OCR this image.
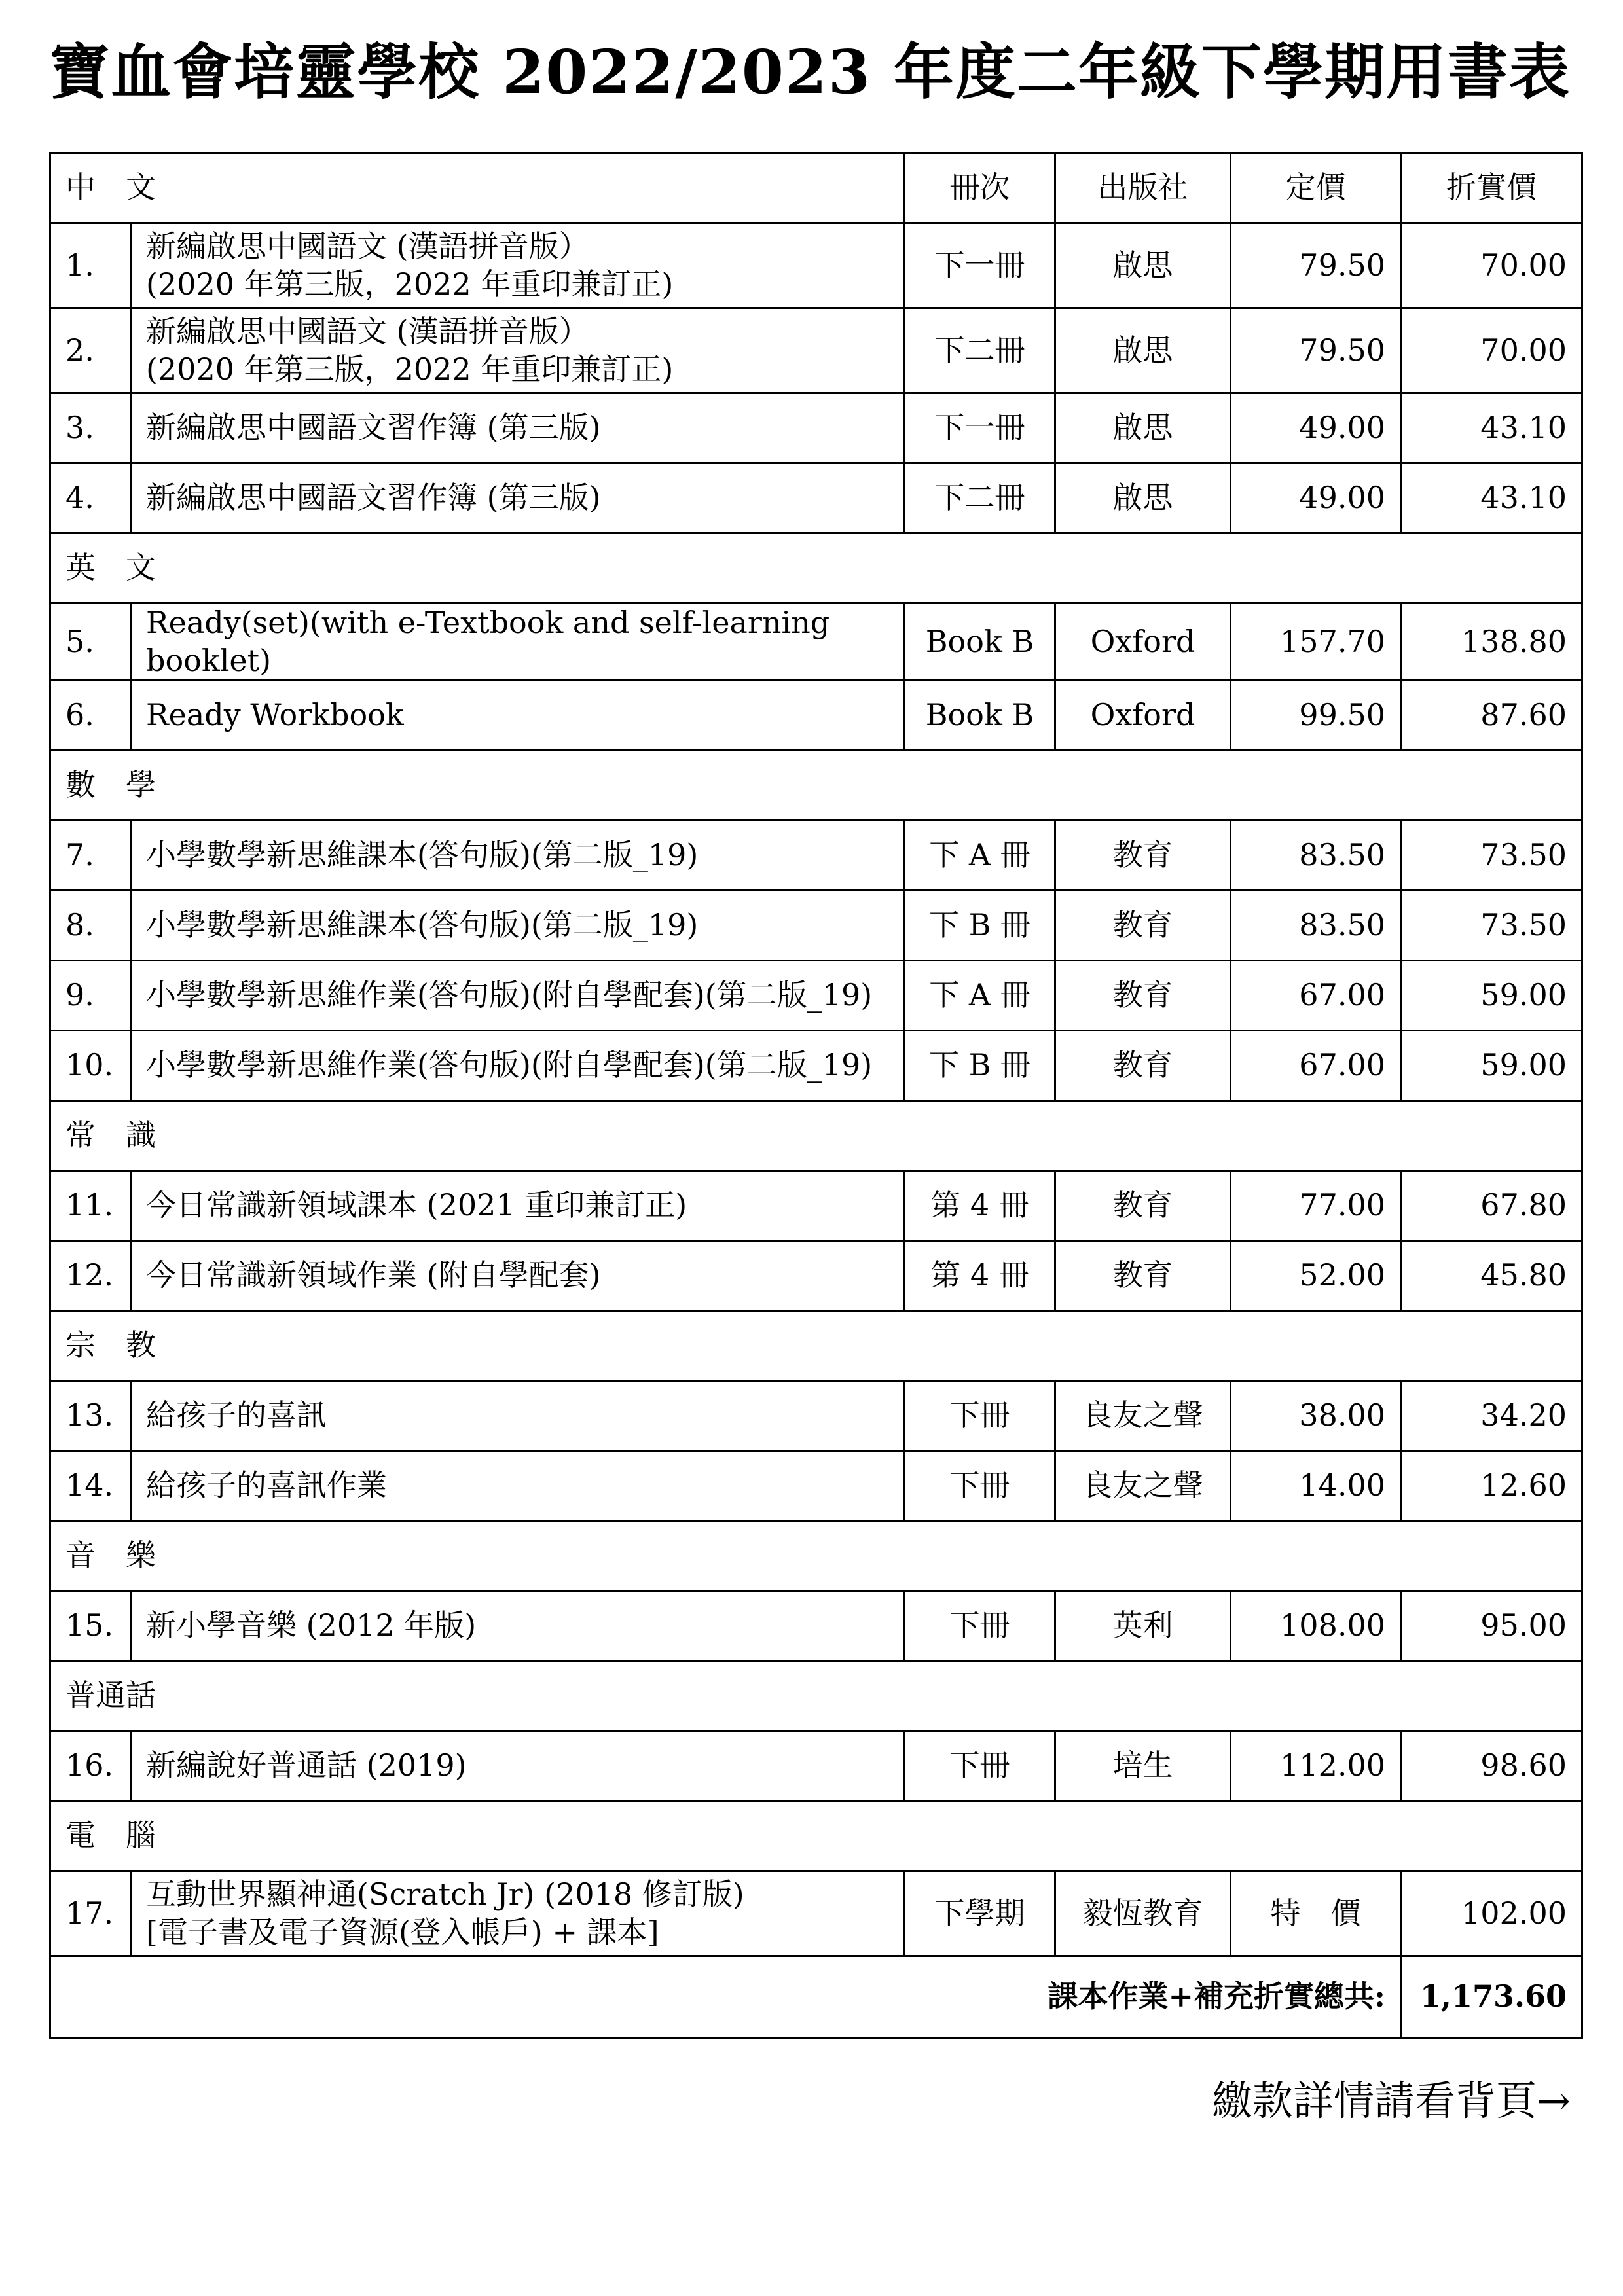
寶血會培靈學校 2022/2023 年度二年級下學期用書表
中　文		冊次	出版社	定價	折實價
1.	新編啟思中國語文 (漢語拼音版）
(2020 年第三版，2022 年重印兼訂正)	下一冊	啟思	79.50	70.00
2.	新編啟思中國語文 (漢語拼音版）
(2020 年第三版，2022 年重印兼訂正)	下二冊	啟思	79.50	70.00
3.	新編啟思中國語文習作簿 (第三版)	下一冊	啟思	49.00	43.10
4.	新編啟思中國語文習作簿 (第三版)	下二冊	啟思	49.00	43.10
英　文					
5.	Ready(set)(with e-Textbook and self-learning booklet)	Book B	Oxford	157.70	138.80
6.	Ready Workbook	Book B	Oxford	99.50	87.60
數　學					
7.	小學數學新思維課本(答句版)(第二版_19)	下 A 冊	教育	83.50	73.50
8.	小學數學新思維課本(答句版)(第二版_19)	下 B 冊	教育	83.50	73.50
9.	小學數學新思維作業(答句版)(附自學配套)(第二版_19)	下 A 冊	教育	67.00	59.00
10.	小學數學新思維作業(答句版)(附自學配套)(第二版_19)	下 B 冊	教育	67.00	59.00
常　識					
11.	今日常識新領域課本 (2021 重印兼訂正)	第 4 冊	教育	77.00	67.80
12.	今日常識新領域作業 (附自學配套)	第 4 冊	教育	52.00	45.80
宗　教					
13.	給孩子的喜訊	下冊	良友之聲	38.00	34.20
14.	給孩子的喜訊作業	下冊	良友之聲	14.00	12.60
音　樂					
15.	新小學音樂 (2012 年版)	下冊	英利	108.00	95.00
普通話					
16.	新編說好普通話 (2019)	下冊	培生	112.00	98.60
電　腦					
17.	互動世界顯神通(Scratch Jr) (2018 修訂版)
[電子書及電子資源(登入帳戶) + 課本]	下學期	毅恆教育	特　價	102.00
課本作業+補充折實總共:					1,173.60
繳款詳情請看背頁→
